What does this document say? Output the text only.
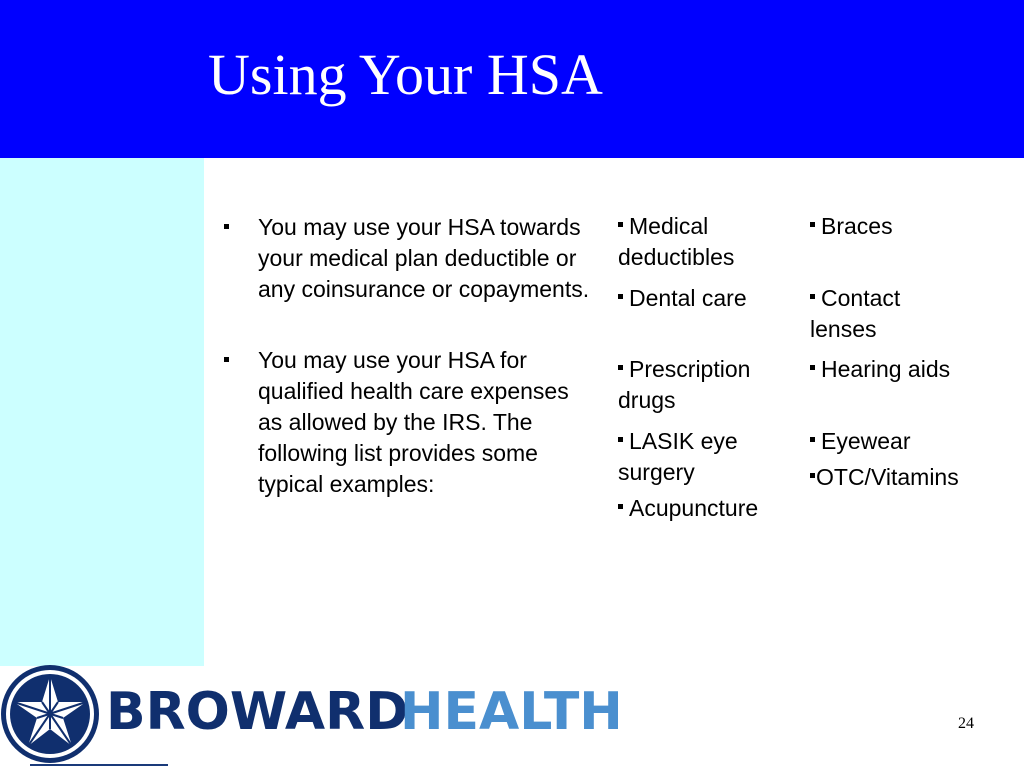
Using Your HSA
You may use your HSA towards your medical plan deductible or any coinsurance or copayments.
You may use your HSA for qualified health care expenses as allowed by the IRS. The following list provides some typical examples:
Medical
deductibles
Dental care
Prescription
drugs
LASIK eye
surgery
Acupuncture
Braces
Contact
lenses
Hearing aids
Eyewear
OTC/Vitamins
BROWARD
HEALTH	24
